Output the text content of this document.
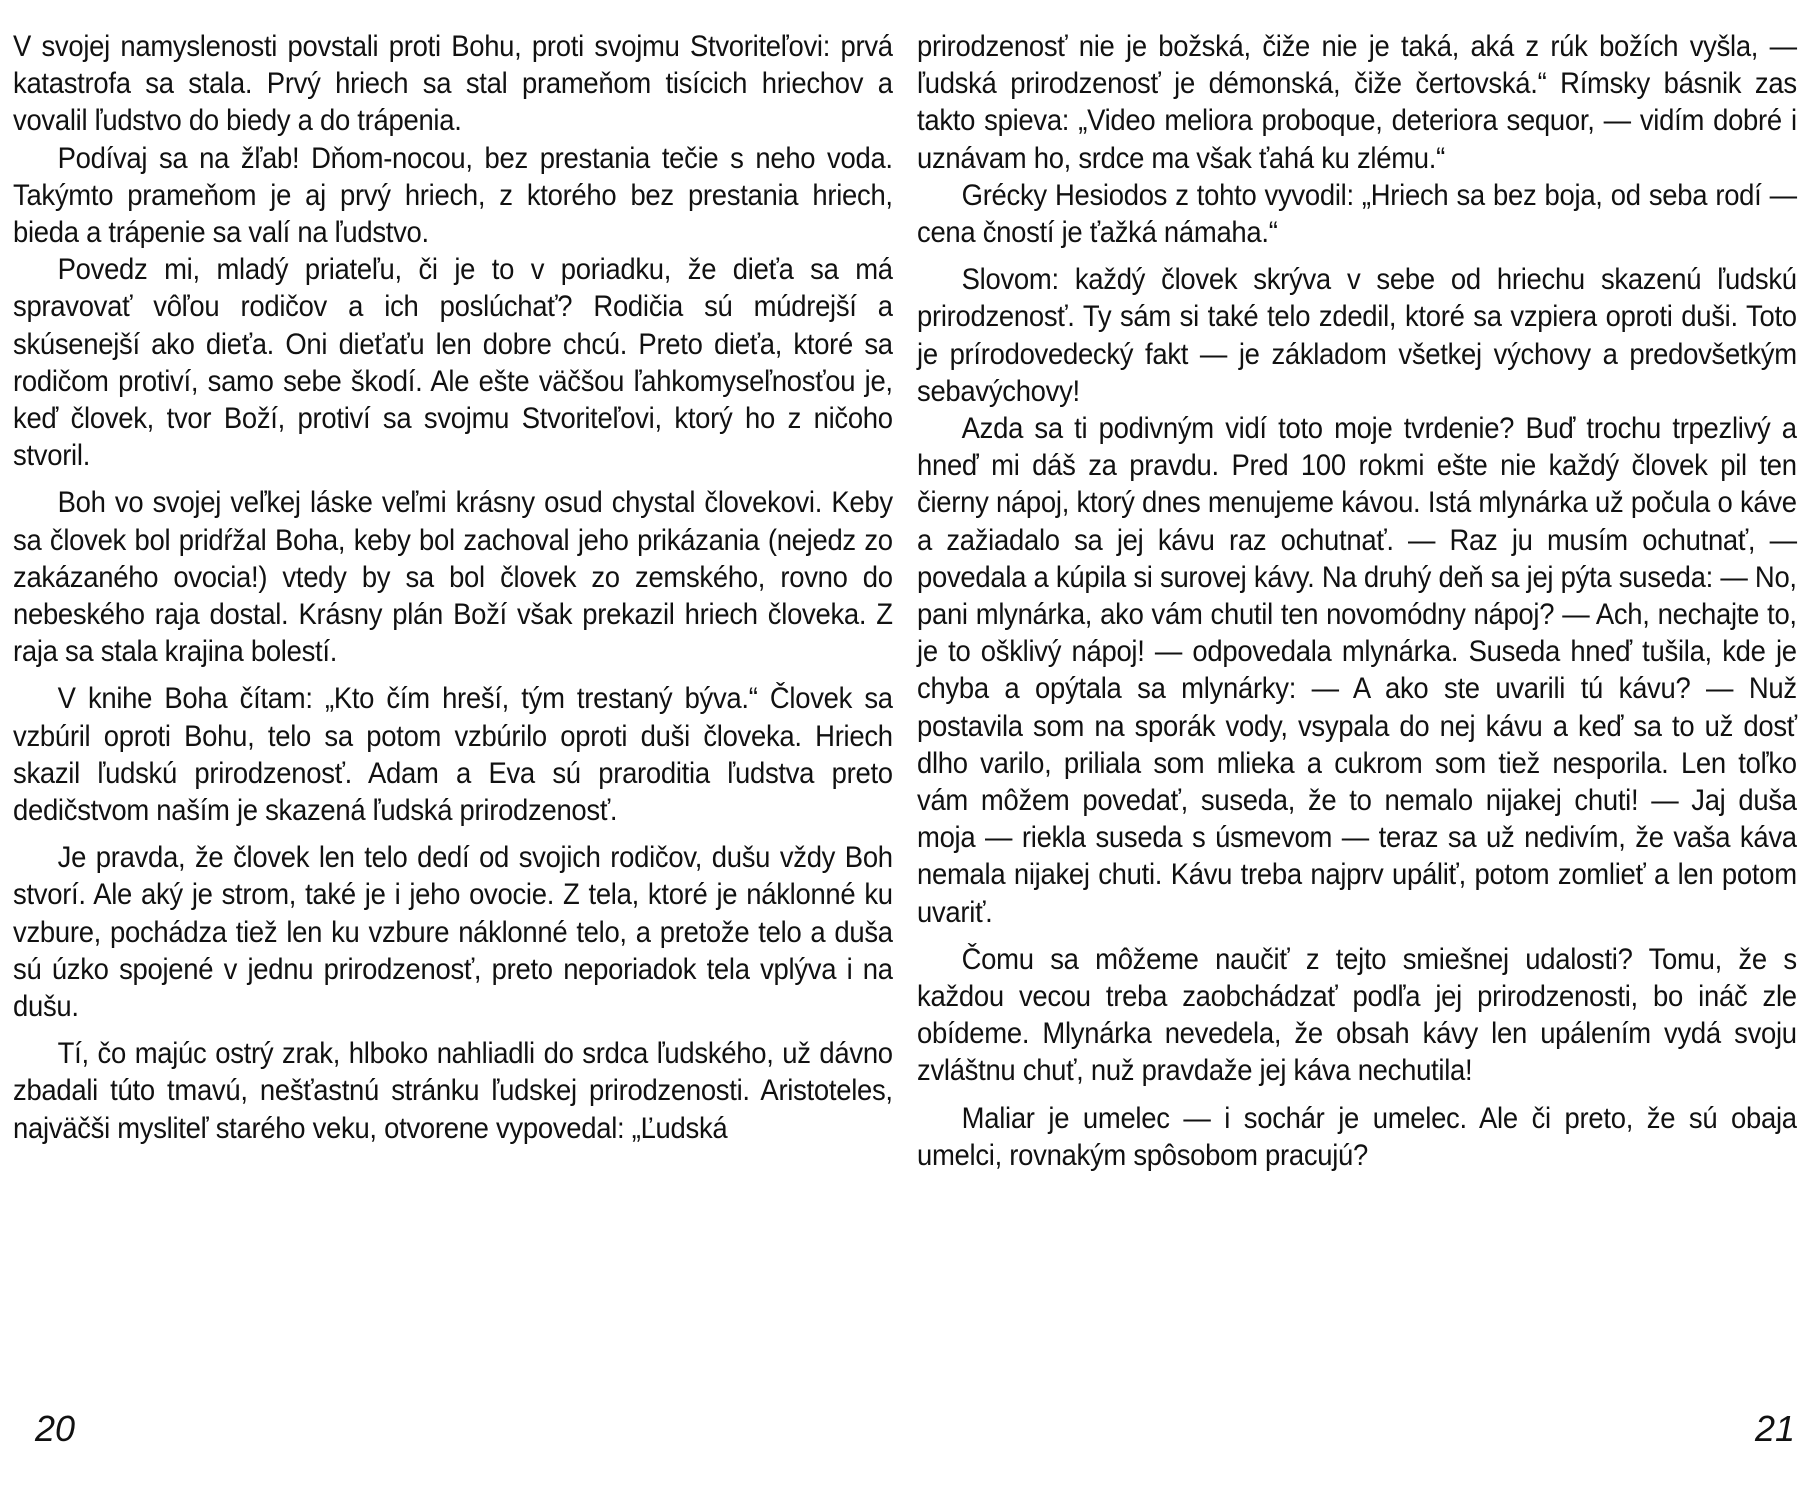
V svojej namyslenosti povstali proti Bohu, proti svojmu Stvoriteľovi: prvá katastrofa sa stala. Prvý hriech sa stal prameňom tisícich hriechov a vovalil ľudstvo do biedy a do trápenia.

Podívaj sa na žľab! Dňom-nocou, bez prestania tečie s neho voda. Takýmto prameňom je aj prvý hriech, z ktorého bez prestania hriech, bieda a trápenie sa valí na ľudstvo.

Povedz mi, mladý priateľu, či je to v poriadku, že dieťa sa má spravovať vôľou rodičov a ich poslúchať? Rodičia sú múdrejší a skúsenejší ako dieťa. Oni dieťaťu len dobre chcú. Preto dieťa, ktoré sa rodičom protiví, samo sebe škodí. Ale ešte väčšou ľahkomyseľnosťou je, keď človek, tvor Boží, protiví sa svojmu Stvoriteľovi, ktorý ho z ničoho stvoril.

Boh vo svojej veľkej láske veľmi krásny osud chystal človekovi. Keby sa človek bol pridŕžal Boha, keby bol zachoval jeho prikázania (nejedz zo zakázaného ovocia!) vtedy by sa bol človek zo zemského, rovno do nebeského raja dostal. Krásny plán Boží však prekazil hriech človeka. Z raja sa stala krajina bolestí.

V knihe Boha čítam: „Kto čím hreší, tým trestaný býva.“ Človek sa vzbúril oproti Bohu, telo sa potom vzbúrilo oproti duši človeka. Hriech skazil ľudskú prirodzenosť. Adam a Eva sú praroditia ľudstva preto dedičstvom naším je skazená ľudská prirodzenosť.

Je pravda, že človek len telo dedí od svojich rodičov, dušu vždy Boh stvorí. Ale aký je strom, také je i jeho ovocie. Z tela, ktoré je náklonné ku vzbure, pochádza tiež len ku vzbure náklonné telo, a pretože telo a duša sú úzko spojené v jednu prirodzenosť, preto neporiadok tela vplýva i na dušu.

Tí, čo majúc ostrý zrak, hlboko nahliadli do srdca ľudského, už dávno zbadali túto tmavú, nešťastnú stránku ľudskej prirodzenosti. Aristoteles, najväčši mysliteľ starého veku, otvorene vypovedal: „Ľudská

20

prirodzenosť nie je božská, čiže nie je taká, aká z rúk božích vyšla, — ľudská prirodzenosť je démonská, čiže čertovská.“ Rímsky básnik zas takto spieva: „Video meliora proboque, deteriora sequor, — vidím dobré i uznávam ho, srdce ma však ťahá ku zlému.“

Grécky Hesiodos z tohto vyvodil: „Hriech sa bez boja, od seba rodí — cena čností je ťažká námaha.“

Slovom: každý človek skrýva v sebe od hriechu skazenú ľudskú prirodzenosť. Ty sám si také telo zdedil, ktoré sa vzpiera oproti duši. Toto je prírodovedecký fakt — je základom všetkej výchovy a predovšetkým sebavýchovy!

Azda sa ti podivným vidí toto moje tvrdenie? Buď trochu trpezlivý a hneď mi dáš za pravdu. Pred 100 rokmi ešte nie každý človek pil ten čierny nápoj, ktorý dnes menujeme kávou. Istá mlynárka už počula o káve a zažiadalo sa jej kávu raz ochutnať. — Raz ju musím ochutnať, — povedala a kúpila si surovej kávy. Na druhý deň sa jej pýta suseda: — No, pani mlynárka, ako vám chutil ten novomódny nápoj? — Ach, nechajte to, je to ošklivý nápoj! — odpovedala mlynárka. Suseda hneď tušila, kde je chyba a opýtala sa mlynárky: — A ako ste uvarili tú kávu? — Nuž postavila som na sporák vody, vsypala do nej kávu a keď sa to už dosť dlho varilo, priliala som mlieka a cukrom som tiež nesporila. Len toľko vám môžem povedať, suseda, že to nemalo nijakej chuti! — Jaj duša moja — riekla suseda s úsmevom — teraz sa už nedivím, že vaša káva nemala nijakej chuti. Kávu treba najprv upáliť, potom zomlieť a len potom uvariť.

Čomu sa môžeme naučiť z tejto smiešnej udalosti? Tomu, že s každou vecou treba zaobchádzať podľa jej prirodzenosti, bo ináč zle obídeme. Mlynárka nevedela, že obsah kávy len upálením vydá svoju zvláštnu chuť, nuž pravdaže jej káva nechutila!

Maliar je umelec — i sochár je umelec. Ale či preto, že sú obaja umelci, rovnakým spôsobom pracujú?

21
